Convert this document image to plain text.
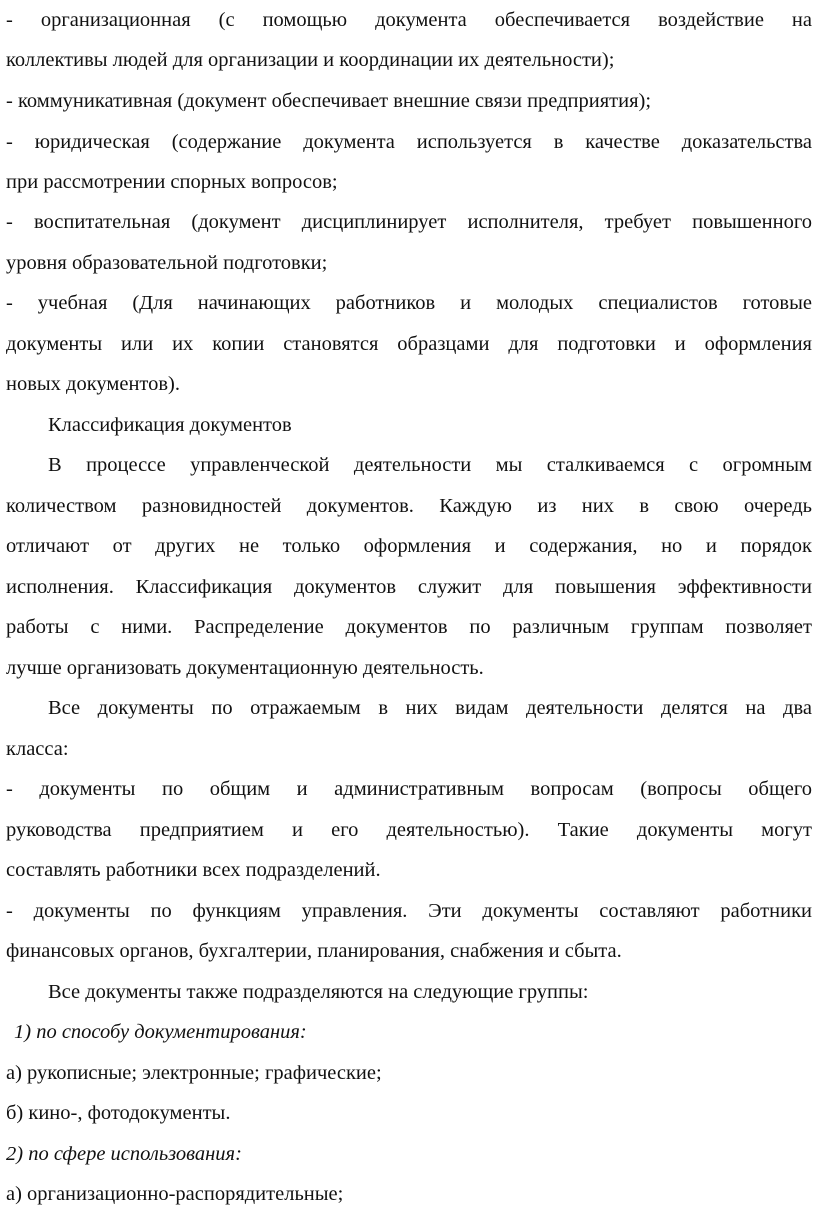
- организационная (с помощью документа обеспечивается воздействие на
коллективы людей для организации и координации их деятельности);
- коммуникативная (документ обеспечивает внешние связи предприятия);
- юридическая (содержание документа используется в качестве доказательства
при рассмотрении спорных вопросов;
- воспитательная (документ дисциплинирует исполнителя, требует повышенного
уровня образовательной подготовки;
- учебная (Для начинающих работников и молодых специалистов готовые
документы или их копии становятся образцами для подготовки и оформления
новых документов).
Классификация документов
В процессе управленческой деятельности мы сталкиваемся с огромным
количеством разновидностей документов. Каждую из них в свою очередь
отличают от других не только оформления и содержания, но и порядок
исполнения. Классификация документов служит для повышения эффективности
работы с ними. Распределение документов по различным группам позволяет
лучше организовать документационную деятельность.
Все документы по отражаемым в них видам деятельности делятся на два
класса:
- документы по общим и административным вопросам (вопросы общего
руководства предприятием и его деятельностью). Такие документы могут
составлять работники всех подразделений.
- документы по функциям управления. Эти документы составляют работники
финансовых органов, бухгалтерии, планирования, снабжения и сбыта.
Все документы также подразделяются на следующие группы:
1) по способу документирования:
а) рукописные; электронные; графические;
б) кино-, фотодокументы.
2) по сфере использования:
а) организационно-распорядительные;
